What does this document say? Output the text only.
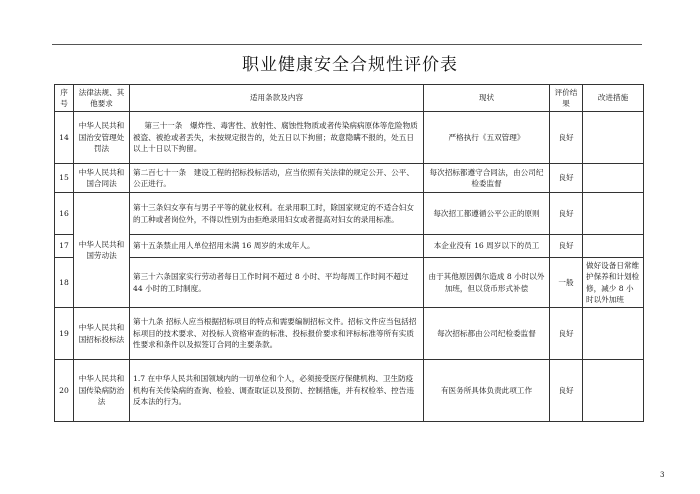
职业健康安全合规性评价表
序号	法律法规、其他要求	适用条款及内容	现状	评价结果	改进措施
14	中华人民共和国治安管理处罚法	第三十一条　爆炸性、毒害性、放射性、腐蚀性物质或者传染病病原体等危险物质被盗、被抢或者丢失，未按规定报告的，处五日以下拘留；故意隐瞒不报的，处五日以上十日以下拘留。	严格执行《五双管理》	良好	
15	中华人民共和国合同法	第二百七十一条　建设工程的招标投标活动，应当依照有关法律的规定公开、公平、公正进行。	每次招标都遵守合同法，由公司纪检委监督	良好	
16	中华人民共和国劳动法	第十三条妇女享有与男子平等的就业权利。在录用职工时，除国家规定的不适合妇女的工种或者岗位外，不得以性别为由拒绝录用妇女或者提高对妇女的录用标准。	每次招工都遵循公平公正的原则	良好	
17		第十五条禁止用人单位招用未满 16 周岁的未成年人。	本企业没有 16 周岁以下的员工	良好	
18		第三十六条国家实行劳动者每日工作时间不超过 8 小时、平均每周工作时间不超过 44 小时的工时制度。	由于其他原因偶尔造成 8 小时以外加班，但以货币形式补偿	一般	做好设备日常维护保养和计划检修，减少 8 小时以外加班
19	中华人民共和国招标投标法	第十九条 招标人应当根据招标项目的特点和需要编制招标文件。招标文件应当包括招标项目的技术要求、对投标人资格审查的标准、投标报价要求和评标标准等所有实质性要求和条件以及拟签订合同的主要条款。	每次招标都由公司纪检委监督	良好	
20	中华人民共和国传染病防治法	1.7 在中华人民共和国领域内的一切单位和个人，必须接受医疗保健机构、卫生防疫机构有关传染病的查询、检验、调查取证以及预防、控制措施，并有权检举、控告违反本法的行为。	有医务所具体负责此项工作	良好	
3
